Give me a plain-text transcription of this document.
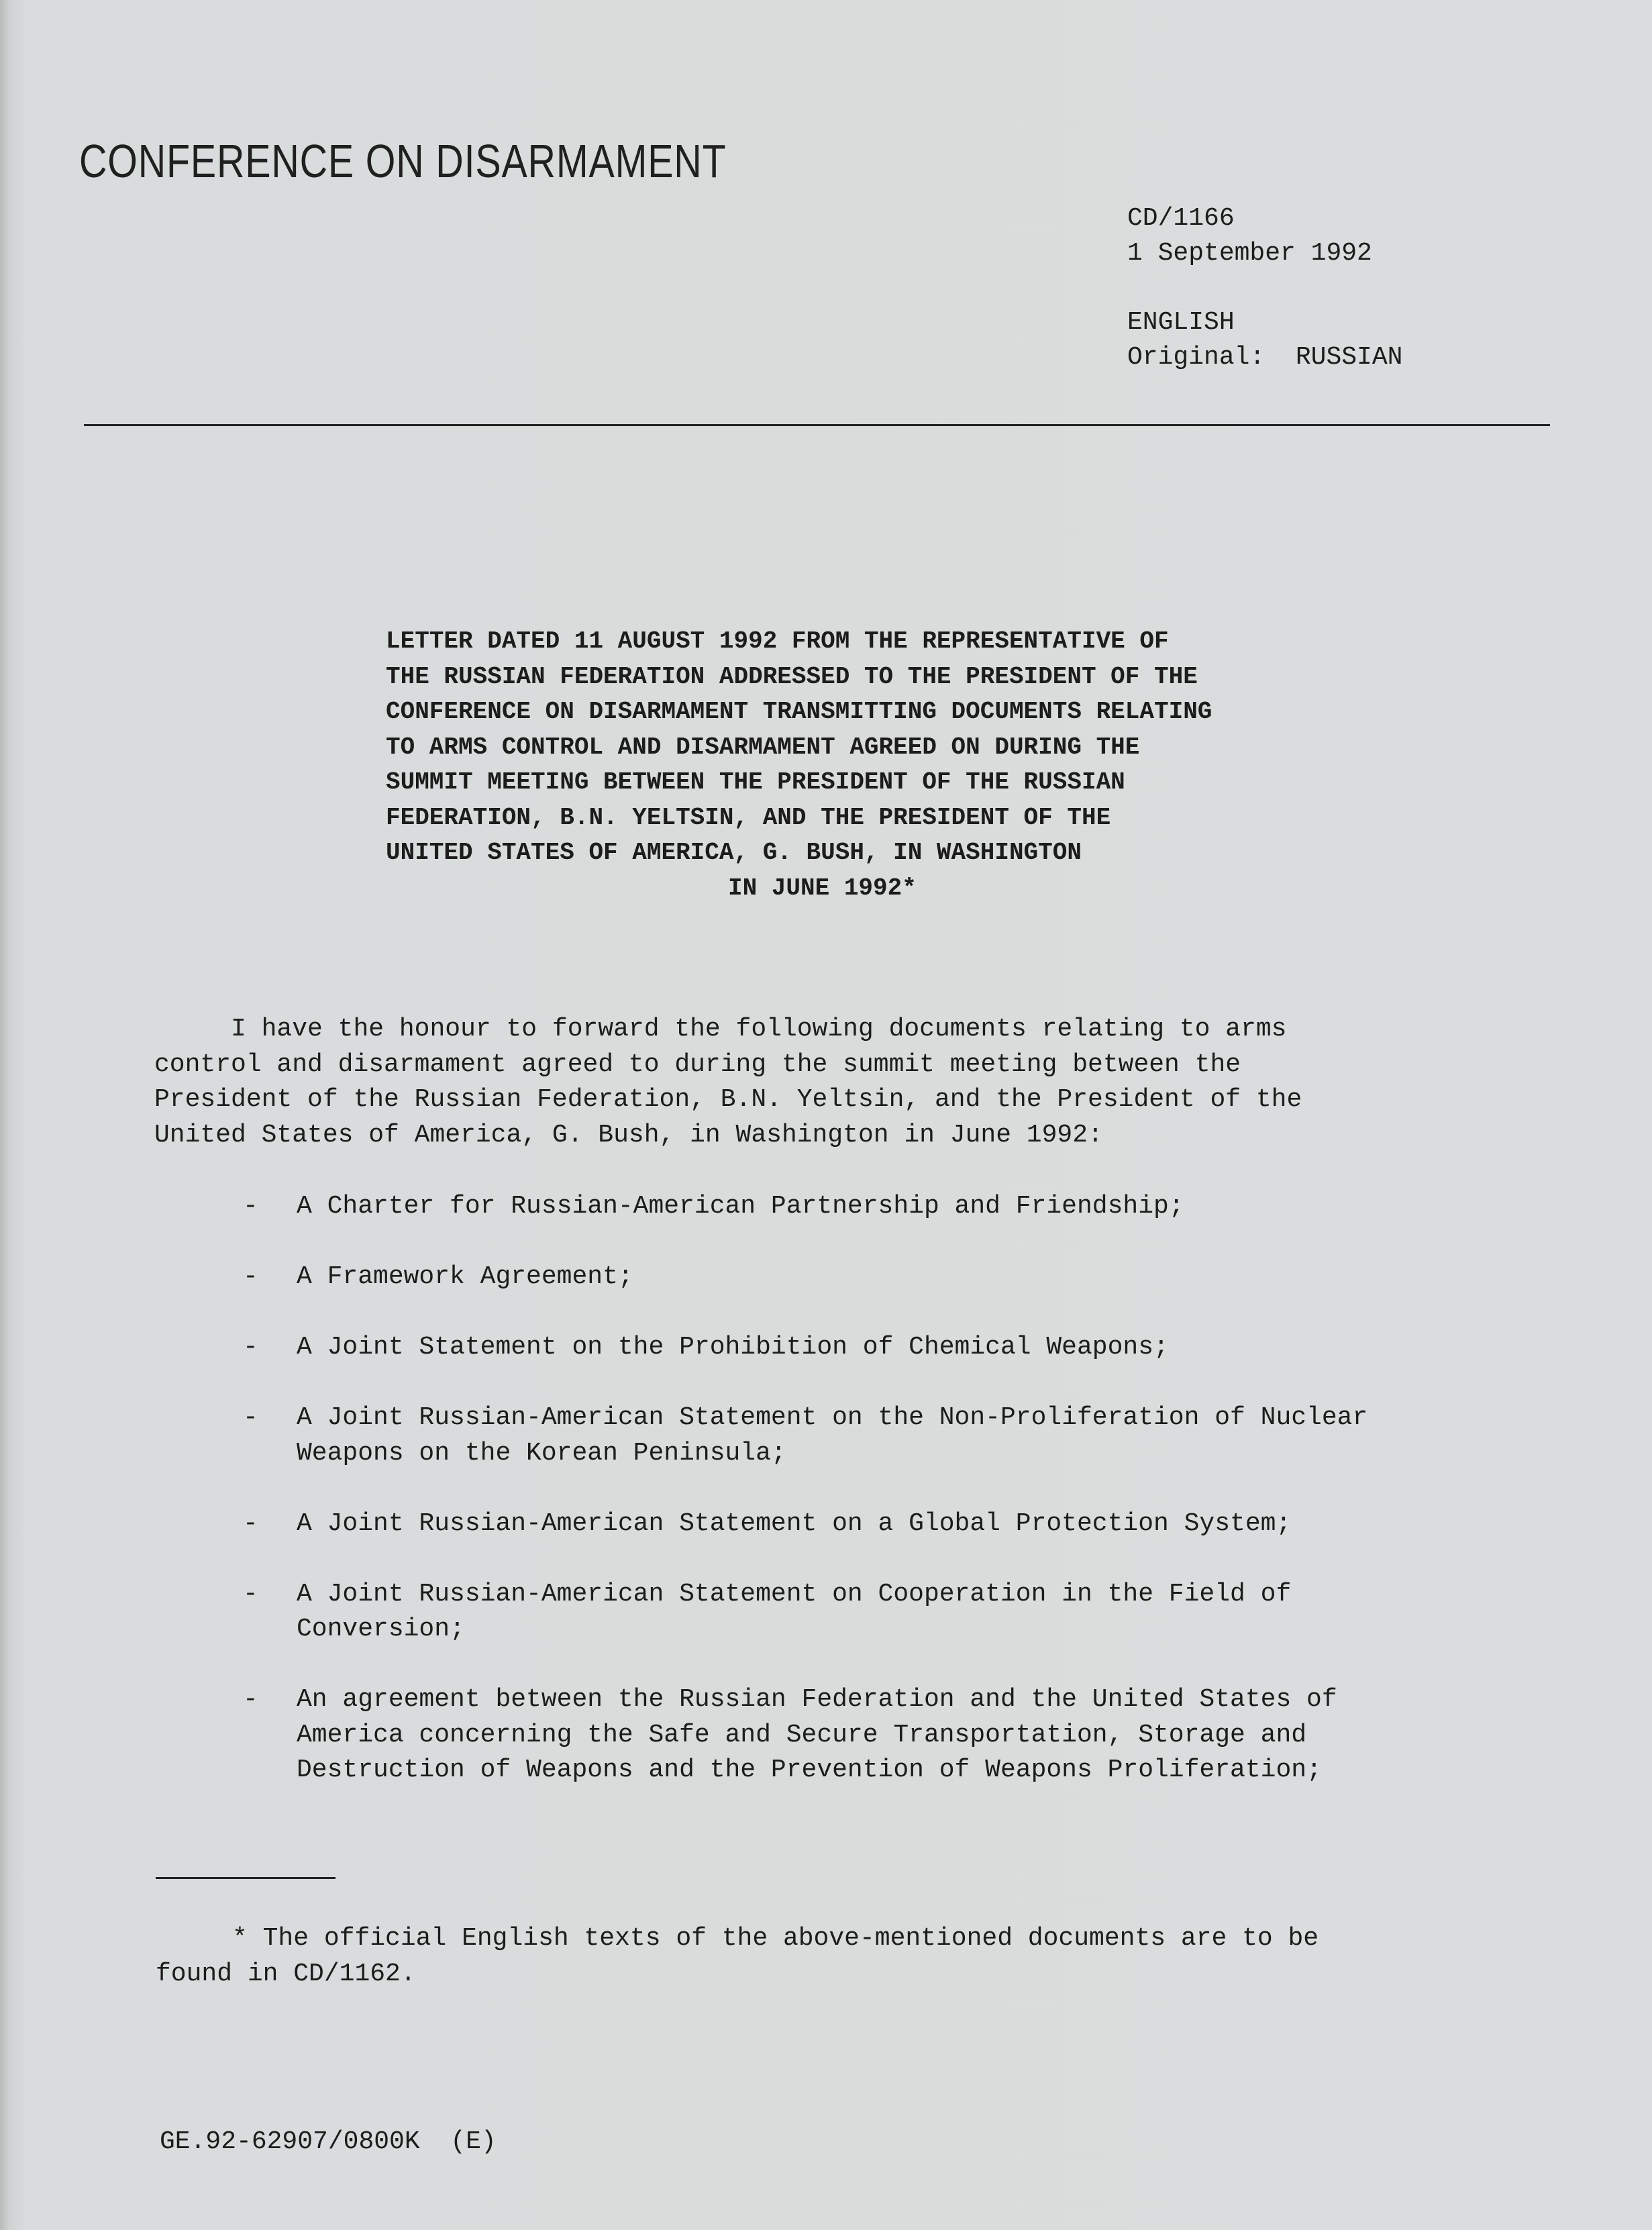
CONFERENCE ON DISARMAMENT
CD/1166
1 September 1992
ENGLISH
Original: RUSSIAN
LETTER DATED 11 AUGUST 1992 FROM THE REPRESENTATIVE OF
THE RUSSIAN FEDERATION ADDRESSED TO THE PRESIDENT OF THE
CONFERENCE ON DISARMAMENT TRANSMITTING DOCUMENTS RELATING
TO ARMS CONTROL AND DISARMAMENT AGREED ON DURING THE
SUMMIT MEETING BETWEEN THE PRESIDENT OF THE RUSSIAN
FEDERATION, B.N. YELTSIN, AND THE PRESIDENT OF THE
UNITED STATES OF AMERICA, G. BUSH, IN WASHINGTON

IN JUNE 1992*
I have the honour to forward the following documents relating to arms
control and disarmament agreed to during the summit meeting between the
President of the Russian Federation, B.N. Yeltsin, and the President of the
United States of America, G. Bush, in Washington in June 1992:
- A Charter for Russian-American Partnership and Friendship;
- A Framework Agreement;
- A Joint Statement on the Prohibition of Chemical Weapons;
- A Joint Russian-American Statement on the Non-Proliferation of Nuclear
Weapons on the Korean Peninsula;
- A Joint Russian-American Statement on a Global Protection System;
- A Joint Russian-American Statement on Cooperation in the Field of
Conversion;
- An agreement between the Russian Federation and the United States of
America concerning the Safe and Secure Transportation, Storage and
Destruction of Weapons and the Prevention of Weapons Proliferation;
* The official English texts of the above-mentioned documents are to be
found in CD/1162.
GE.92-62907/0800K  (E)
